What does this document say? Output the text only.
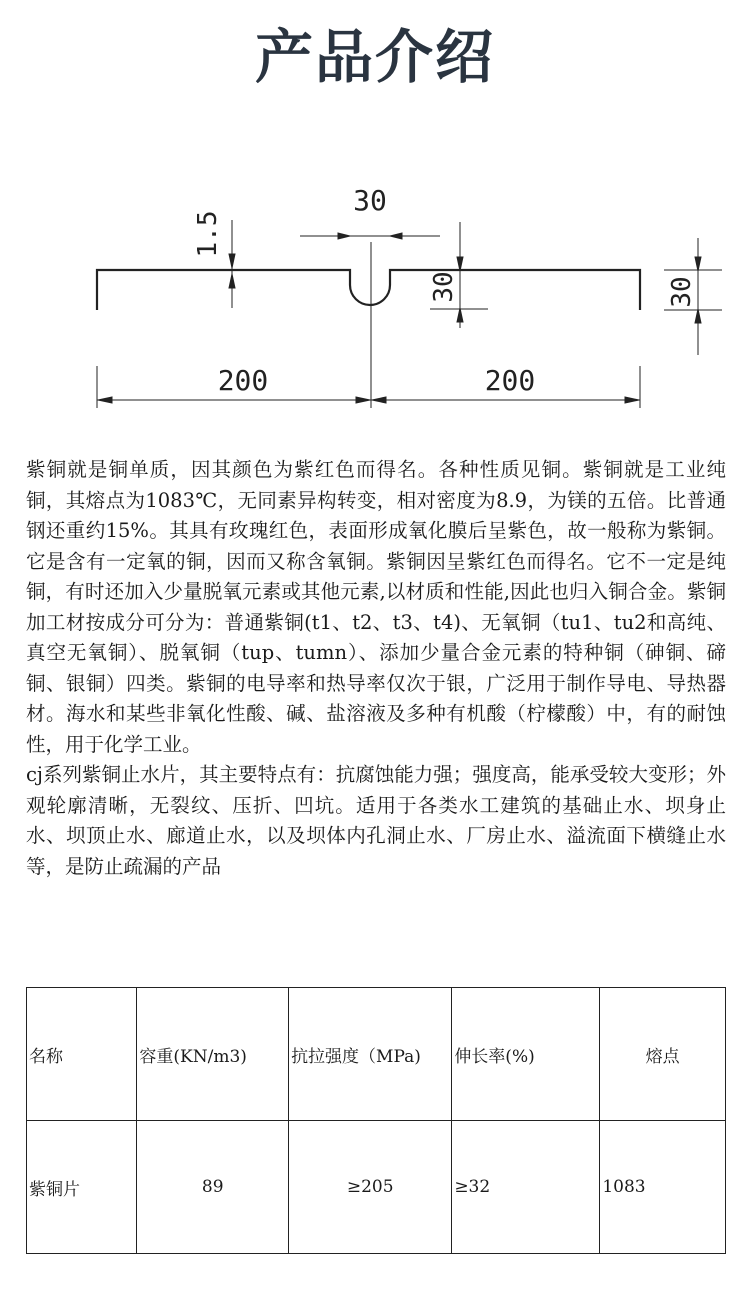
产品介绍
30
1.5
30	30
200	200

紫铜就是铜单质，因其颜色为紫红色而得名。各种性质见铜。紫铜就是工业纯铜，其熔点为1083℃，无同素异构转变，相对密度为8.9，为镁的五倍。比普通钢还重约15%。其具有玫瑰红色，表面形成氧化膜后呈紫色，故一般称为紫铜。它是含有一定氧的铜，因而又称含氧铜。紫铜因呈紫红色而得名。它不一定是纯铜，有时还加入少量脱氧元素或其他元素,以材质和性能,因此也归入铜合金。紫铜加工材按成分可分为：普通紫铜(t1、t2、t3、t4)、无氧铜（tu1、tu2和高纯、真空无氧铜）、脱氧铜（tup、tumn）、添加少量合金元素的特种铜（砷铜、碲铜、银铜）四类。紫铜的电导率和热导率仅次于银，广泛用于制作导电、导热器材。海水和某些非氧化性酸、碱、盐溶液及多种有机酸（柠檬酸）中，有的耐蚀性，用于化学工业。

cj系列紫铜止水片，其主要特点有：抗腐蚀能力强；强度高，能承受较大变形；外观轮廓清晰，无裂纹、压折、凹坑。适用于各类水工建筑的基础止水、坝身止水、坝顶止水、廊道止水，以及坝体内孔洞止水、厂房止水、溢流面下横缝止水等，是防止疏漏的产品

名称	容重(KN/m3)	抗拉强度（MPa)	伸长率(%)	熔点
紫铜片	89	≥205	≥32	1083
